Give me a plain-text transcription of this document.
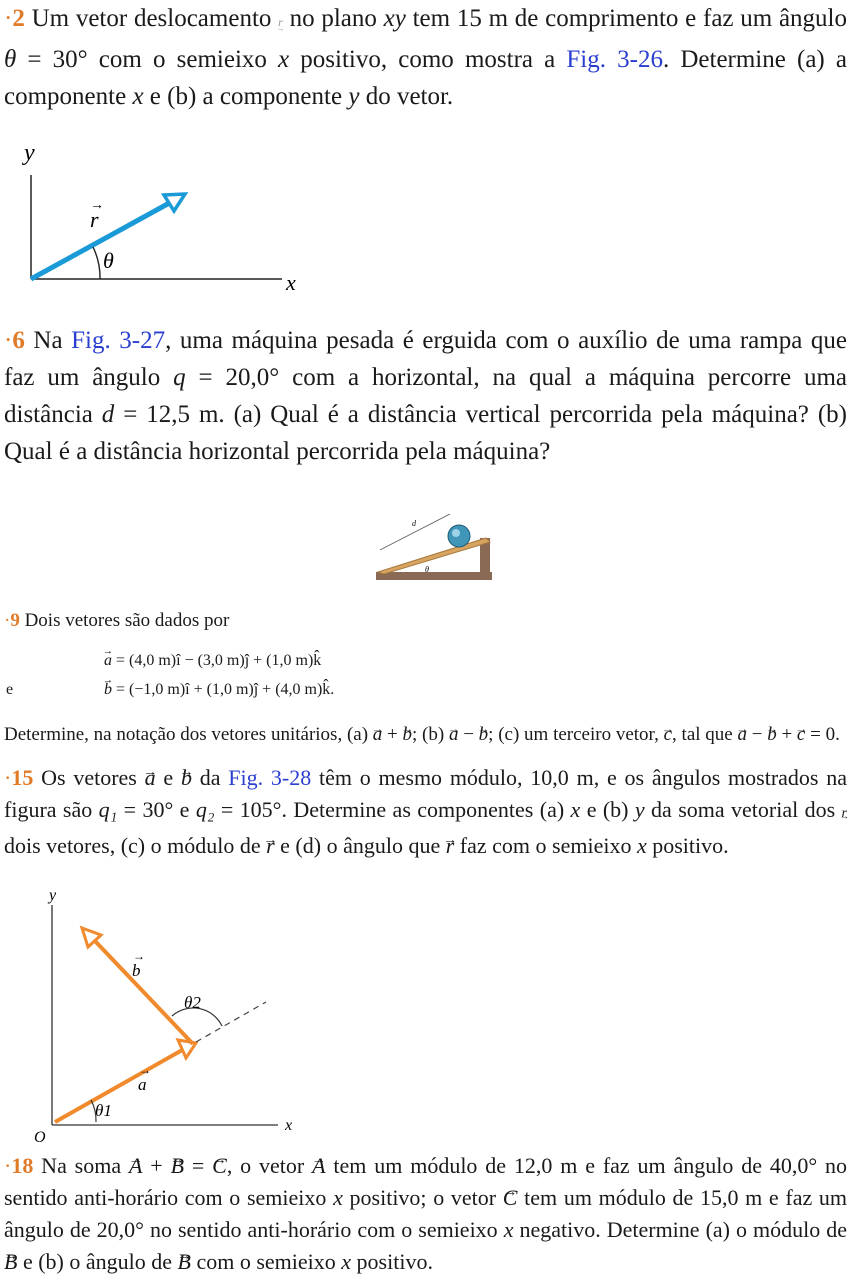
·2 Um vetor deslocamento → r no plano xy tem 15 m de comprimento e faz um ângulo θ = 30° com o semieixo x positivo, como mostra a Fig. 3-26. Determine (a) a componente x e (b) a componente y do vetor.
y
x
θ
r
→
·6 Na Fig. 3-27, uma máquina pesada é erguida com o auxílio de uma rampa que faz um ângulo q = 20,0° com a horizontal, na qual a máquina percorre uma distância d = 12,5 m. (a) Qual é a distância vertical percorrida pela máquina? (b) Qual é a distância horizontal percorrida pela máquina?
d
θ
·9 Dois vetores são dados por
→ a = (4,0 m)î − (3,0 m)ĵ + (1,0 m)k̂
e	→ b = (−1,0 m)î + (1,0 m)ĵ + (4,0 m)k̂.
Determine, na notação dos vetores unitários, (a) → a + → b; (b) → a − → b; (c) um terceiro vetor, → c, tal que → a − → b + → c = 0.
·15 Os vetores → a e → b da Fig. 3-28 têm o mesmo módulo, 10,0 m, e os ângulos mostrados na figura são q₁ = 30° e q₂ = 105°. Determine as componentes (a) x e (b) y da soma vetorial dos → r dois vetores, (c) o módulo de → r e (d) o ângulo que → r faz com o semieixo x positivo.
y
x
O
θ1
θ2
a
→
b
→
·18 Na soma → A + → B = → C, o vetor → A tem um módulo de 12,0 m e faz um ângulo de 40,0° no sentido anti-horário com o semieixo x positivo; o vetor → C tem um módulo de 15,0 m e faz um ângulo de 20,0° no sentido anti-horário com o semieixo x negativo. Determine (a) o módulo de → B e (b) o ângulo de → B com o semieixo x positivo.
